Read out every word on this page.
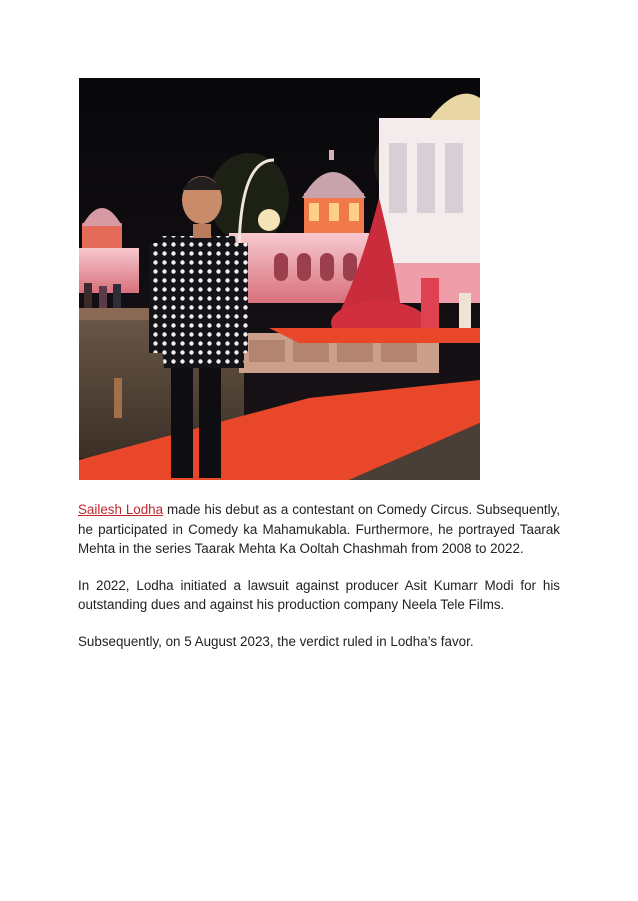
Sailesh Lodha made his debut as a contestant on Comedy Circus. Subsequently, he participated in Comedy ka Mahamukabla. Furthermore, he portrayed Taarak Mehta in the series Taarak Mehta Ka Ooltah Chashmah from 2008 to 2022.

In 2022, Lodha initiated a lawsuit against producer Asit Kumarr Modi for his outstanding dues and against his production company Neela Tele Films.

Subsequently, on 5 August 2023, the verdict ruled in Lodha’s favor.
